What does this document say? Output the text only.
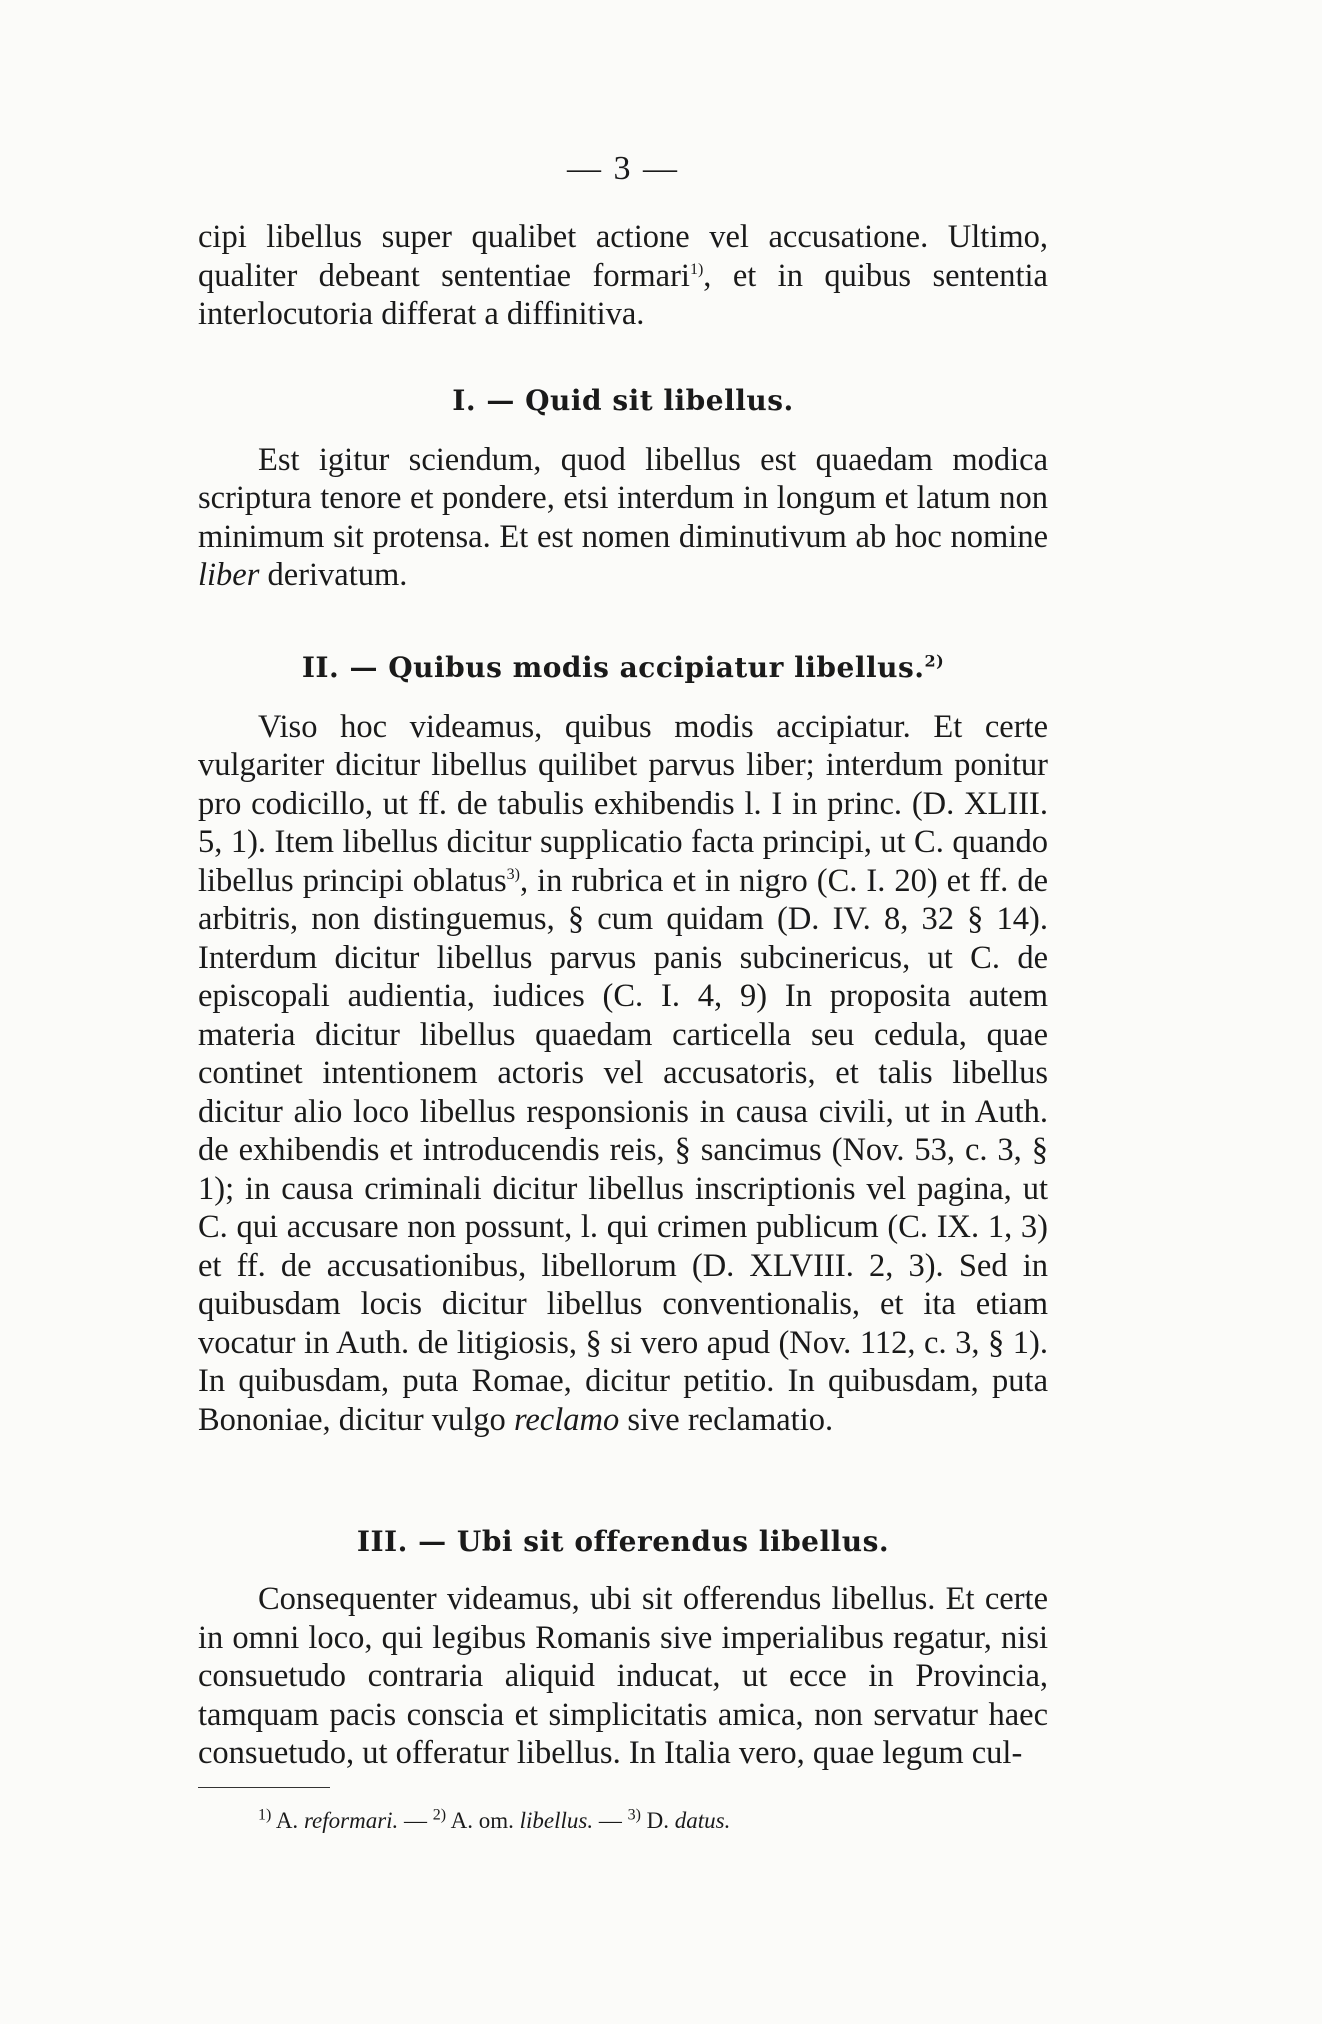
— 3 —

cipi libellus super qualibet actione vel accusatione. Ultimo, qualiter debeant sententiae formari$^{1)}$, et in quibus sententia interlocutoria differat a diffinitiva.

I. — Quid sit libellus.

Est igitur sciendum, quod libellus est quaedam modica scriptura tenore et pondere, etsi interdum in longum et latum non minimum sit protensa. Et est nomen diminutivum ab hoc nomine liber derivatum.

II. — Quibus modis accipiatur libellus.$^{2)}$

Viso hoc videamus, quibus modis accipiatur. Et certe vulgariter dicitur libellus quilibet parvus liber; interdum ponitur pro codicillo, ut ff. de tabulis exhibendis l. I in princ. (D. XLIII. 5, 1). Item libellus dicitur supplicatio facta principi, ut C. quando libellus principi oblatus$^{3)}$, in rubrica et in nigro (C. I. 20) et ff. de arbitris, non distinguemus, § cum quidam (D. IV. 8, 32 § 14). Interdum dicitur libellus parvus panis subcinericus, ut C. de episcopali audientia, iudices (C. I. 4, 9) In proposita autem materia dicitur libellus quaedam carticella seu cedula, quae continet intentionem actoris vel accusatoris, et talis libellus dicitur alio loco libellus responsionis in causa civili, ut in Auth. de exhibendis et introducendis reis, § sancimus (Nov. 53, c. 3, § 1); in causa criminali dicitur libellus inscriptionis vel pagina, ut C. qui accusare non possunt, l. qui crimen publicum (C. IX. 1, 3) et ff. de accusationibus, libellorum (D. XLVIII. 2, 3). Sed in quibusdam locis dicitur libellus conventionalis, et ita etiam vocatur in Auth. de litigiosis, § si vero apud (Nov. 112, c. 3, § 1). In quibusdam, puta Romae, dicitur petitio. In quibusdam, puta Bononiae, dicitur vulgo reclamo sive reclamatio.

III. — Ubi sit offerendus libellus.

Consequenter videamus, ubi sit offerendus libellus. Et certe in omni loco, qui legibus Romanis sive imperialibus regatur, nisi consuetudo contraria aliquid inducat, ut ecce in Provincia, tamquam pacis conscia et simplicitatis amica, non servatur haec consuetudo, ut offeratur libellus. In Italia vero, quae legum cul-

$^{1)}$ A. reformari. — $^{2)}$ A. om. libellus. — $^{3)}$ D. datus.
